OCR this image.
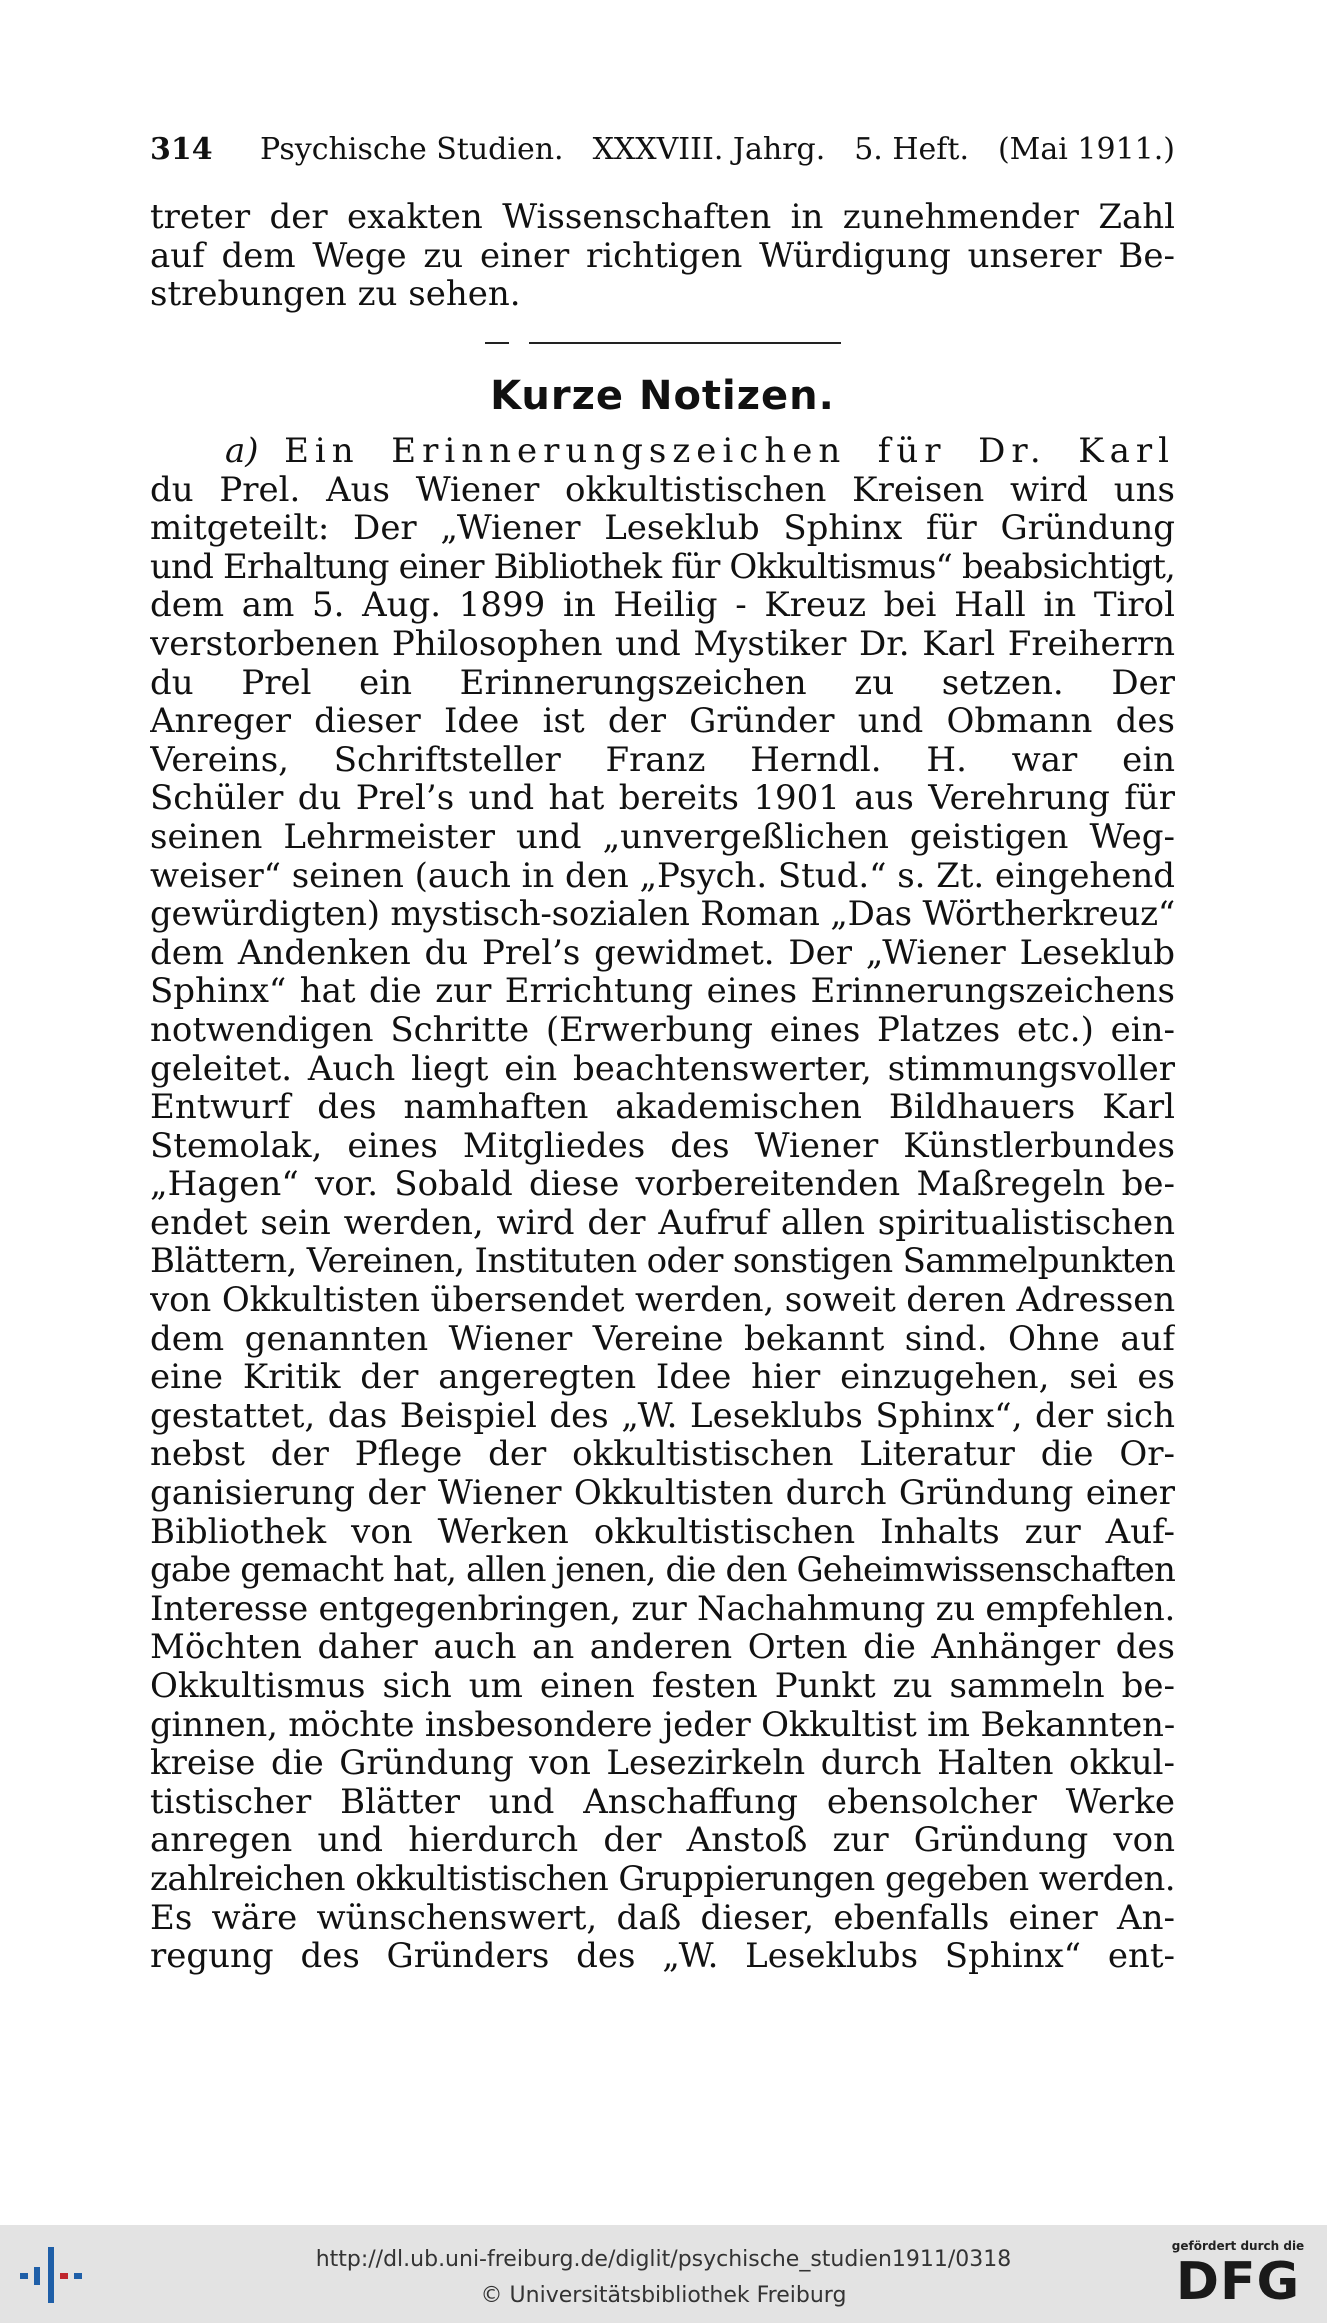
314	Psychische Studien. XXXVIII. Jahrg. 5. Heft. (Mai 1911.)
treter der exakten Wissenschaften in zunehmender Zahl
auf dem Wege zu einer richtigen Würdigung unserer Be-
strebungen zu sehen.
Kurze Notizen.
a) Ein Erinnerungszeichen für Dr. Karl
du Prel. Aus Wiener okkultistischen Kreisen wird uns
mitgeteilt: Der „Wiener Leseklub Sphinx für Gründung
und Erhaltung einer Bibliothek für Okkultismus“ beabsichtigt,
dem am 5. Aug. 1899 in Heilig - Kreuz bei Hall in Tirol
verstorbenen Philosophen und Mystiker Dr. Karl Freiherrn
du Prel ein Erinnerungszeichen zu setzen. Der
Anreger dieser Idee ist der Gründer und Obmann des
Vereins, Schriftsteller Franz Herndl. H. war ein
Schüler du Prel’s und hat bereits 1901 aus Verehrung für
seinen Lehrmeister und „unvergeßlichen geistigen Weg-
weiser“ seinen (auch in den „Psych. Stud.“ s. Zt. eingehend
gewürdigten) mystisch-sozialen Roman „Das Wörtherkreuz“
dem Andenken du Prel’s gewidmet. Der „Wiener Leseklub
Sphinx“ hat die zur Errichtung eines Erinnerungszeichens
notwendigen Schritte (Erwerbung eines Platzes etc.) ein-
geleitet. Auch liegt ein beachtenswerter, stimmungsvoller
Entwurf des namhaften akademischen Bildhauers Karl
Stemolak, eines Mitgliedes des Wiener Künstlerbundes
„Hagen“ vor. Sobald diese vorbereitenden Maßregeln be-
endet sein werden, wird der Aufruf allen spiritualistischen
Blättern, Vereinen, Instituten oder sonstigen Sammelpunkten
von Okkultisten übersendet werden, soweit deren Adressen
dem genannten Wiener Vereine bekannt sind. Ohne auf
eine Kritik der angeregten Idee hier einzugehen, sei es
gestattet, das Beispiel des „W. Leseklubs Sphinx“, der sich
nebst der Pflege der okkultistischen Literatur die Or-
ganisierung der Wiener Okkultisten durch Gründung einer
Bibliothek von Werken okkultistischen Inhalts zur Auf-
gabe gemacht hat, allen jenen, die den Geheimwissenschaften
Interesse entgegenbringen, zur Nachahmung zu empfehlen.
Möchten daher auch an anderen Orten die Anhänger des
Okkultismus sich um einen festen Punkt zu sammeln be-
ginnen, möchte insbesondere jeder Okkultist im Bekannten-
kreise die Gründung von Lesezirkeln durch Halten okkul-
tistischer Blätter und Anschaffung ebensolcher Werke
anregen und hierdurch der Anstoß zur Gründung von
zahlreichen okkultistischen Gruppierungen gegeben werden.
Es wäre wünschenswert, daß dieser, ebenfalls einer An-
regung des Gründers des „W. Leseklubs Sphinx“ ent-
http://dl.ub.uni-freiburg.de/diglit/psychische_studien1911/0318
© Universitätsbibliothek Freiburg
gefördert durch die
DFG
